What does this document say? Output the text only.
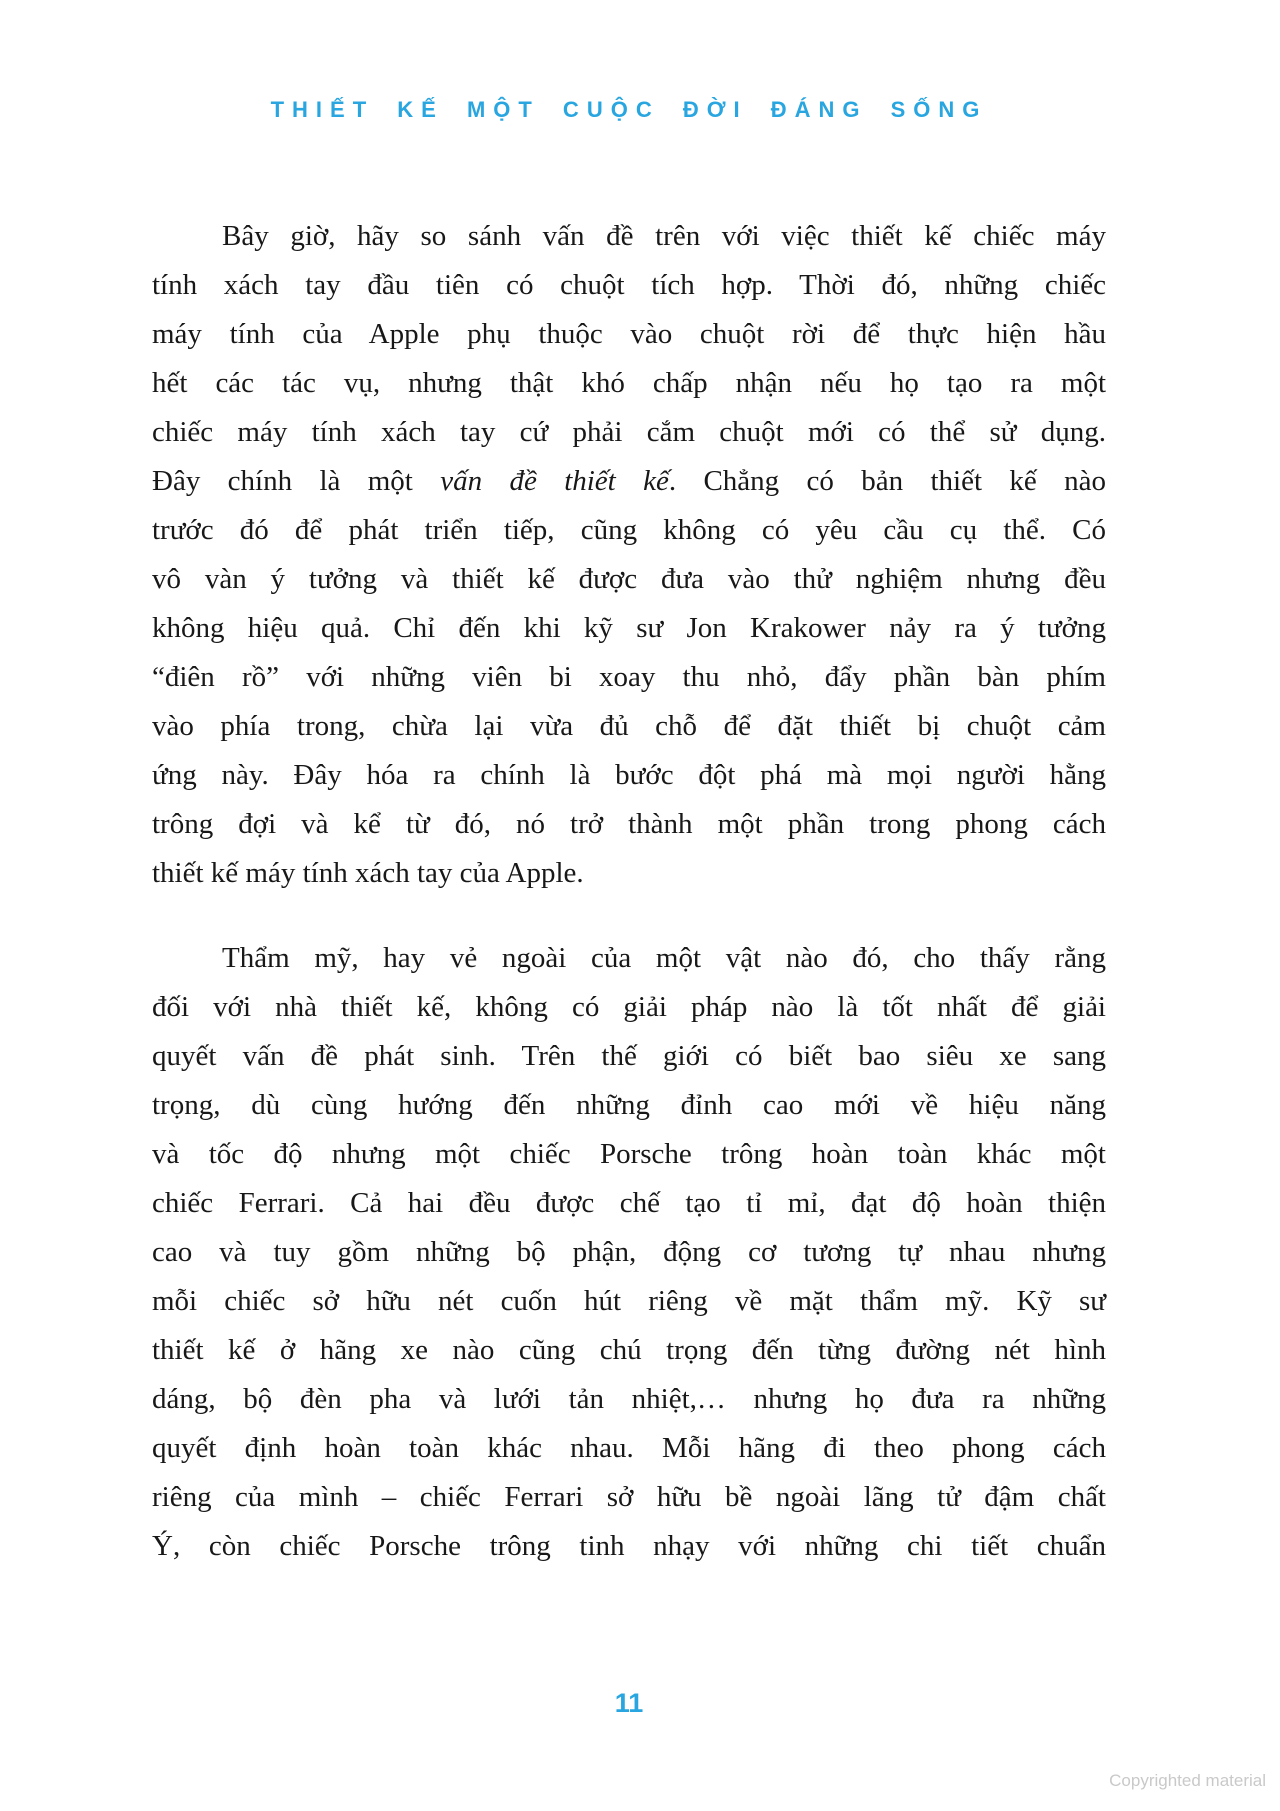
THIẾT KẾ MỘT CUỘC ĐỜI ĐÁNG SỐNG
Bây giờ, hãy so sánh vấn đề trên với việc thiết kế chiếc máy
tính xách tay đầu tiên có chuột tích hợp. Thời đó, những chiếc
máy tính của Apple phụ thuộc vào chuột rời để thực hiện hầu
hết các tác vụ, nhưng thật khó chấp nhận nếu họ tạo ra một
chiếc máy tính xách tay cứ phải cắm chuột mới có thể sử dụng.
Đây chính là một vấn đề thiết kế. Chẳng có bản thiết kế nào
trước đó để phát triển tiếp, cũng không có yêu cầu cụ thể. Có
vô vàn ý tưởng và thiết kế được đưa vào thử nghiệm nhưng đều
không hiệu quả. Chỉ đến khi kỹ sư Jon Krakower nảy ra ý tưởng
“điên rồ” với những viên bi xoay thu nhỏ, đẩy phần bàn phím
vào phía trong, chừa lại vừa đủ chỗ để đặt thiết bị chuột cảm
ứng này. Đây hóa ra chính là bước đột phá mà mọi người hằng
trông đợi và kể từ đó, nó trở thành một phần trong phong cách
thiết kế máy tính xách tay của Apple.
Thẩm mỹ, hay vẻ ngoài của một vật nào đó, cho thấy rằng
đối với nhà thiết kế, không có giải pháp nào là tốt nhất để giải
quyết vấn đề phát sinh. Trên thế giới có biết bao siêu xe sang
trọng, dù cùng hướng đến những đỉnh cao mới về hiệu năng
và tốc độ nhưng một chiếc Porsche trông hoàn toàn khác một
chiếc Ferrari. Cả hai đều được chế tạo tỉ mỉ, đạt độ hoàn thiện
cao và tuy gồm những bộ phận, động cơ tương tự nhau nhưng
mỗi chiếc sở hữu nét cuốn hút riêng về mặt thẩm mỹ. Kỹ sư
thiết kế ở hãng xe nào cũng chú trọng đến từng đường nét hình
dáng, bộ đèn pha và lưới tản nhiệt,… nhưng họ đưa ra những
quyết định hoàn toàn khác nhau. Mỗi hãng đi theo phong cách
riêng của mình – chiếc Ferrari sở hữu bề ngoài lãng tử đậm chất
Ý, còn chiếc Porsche trông tinh nhạy với những chi tiết chuẩn
11
Copyrighted material
